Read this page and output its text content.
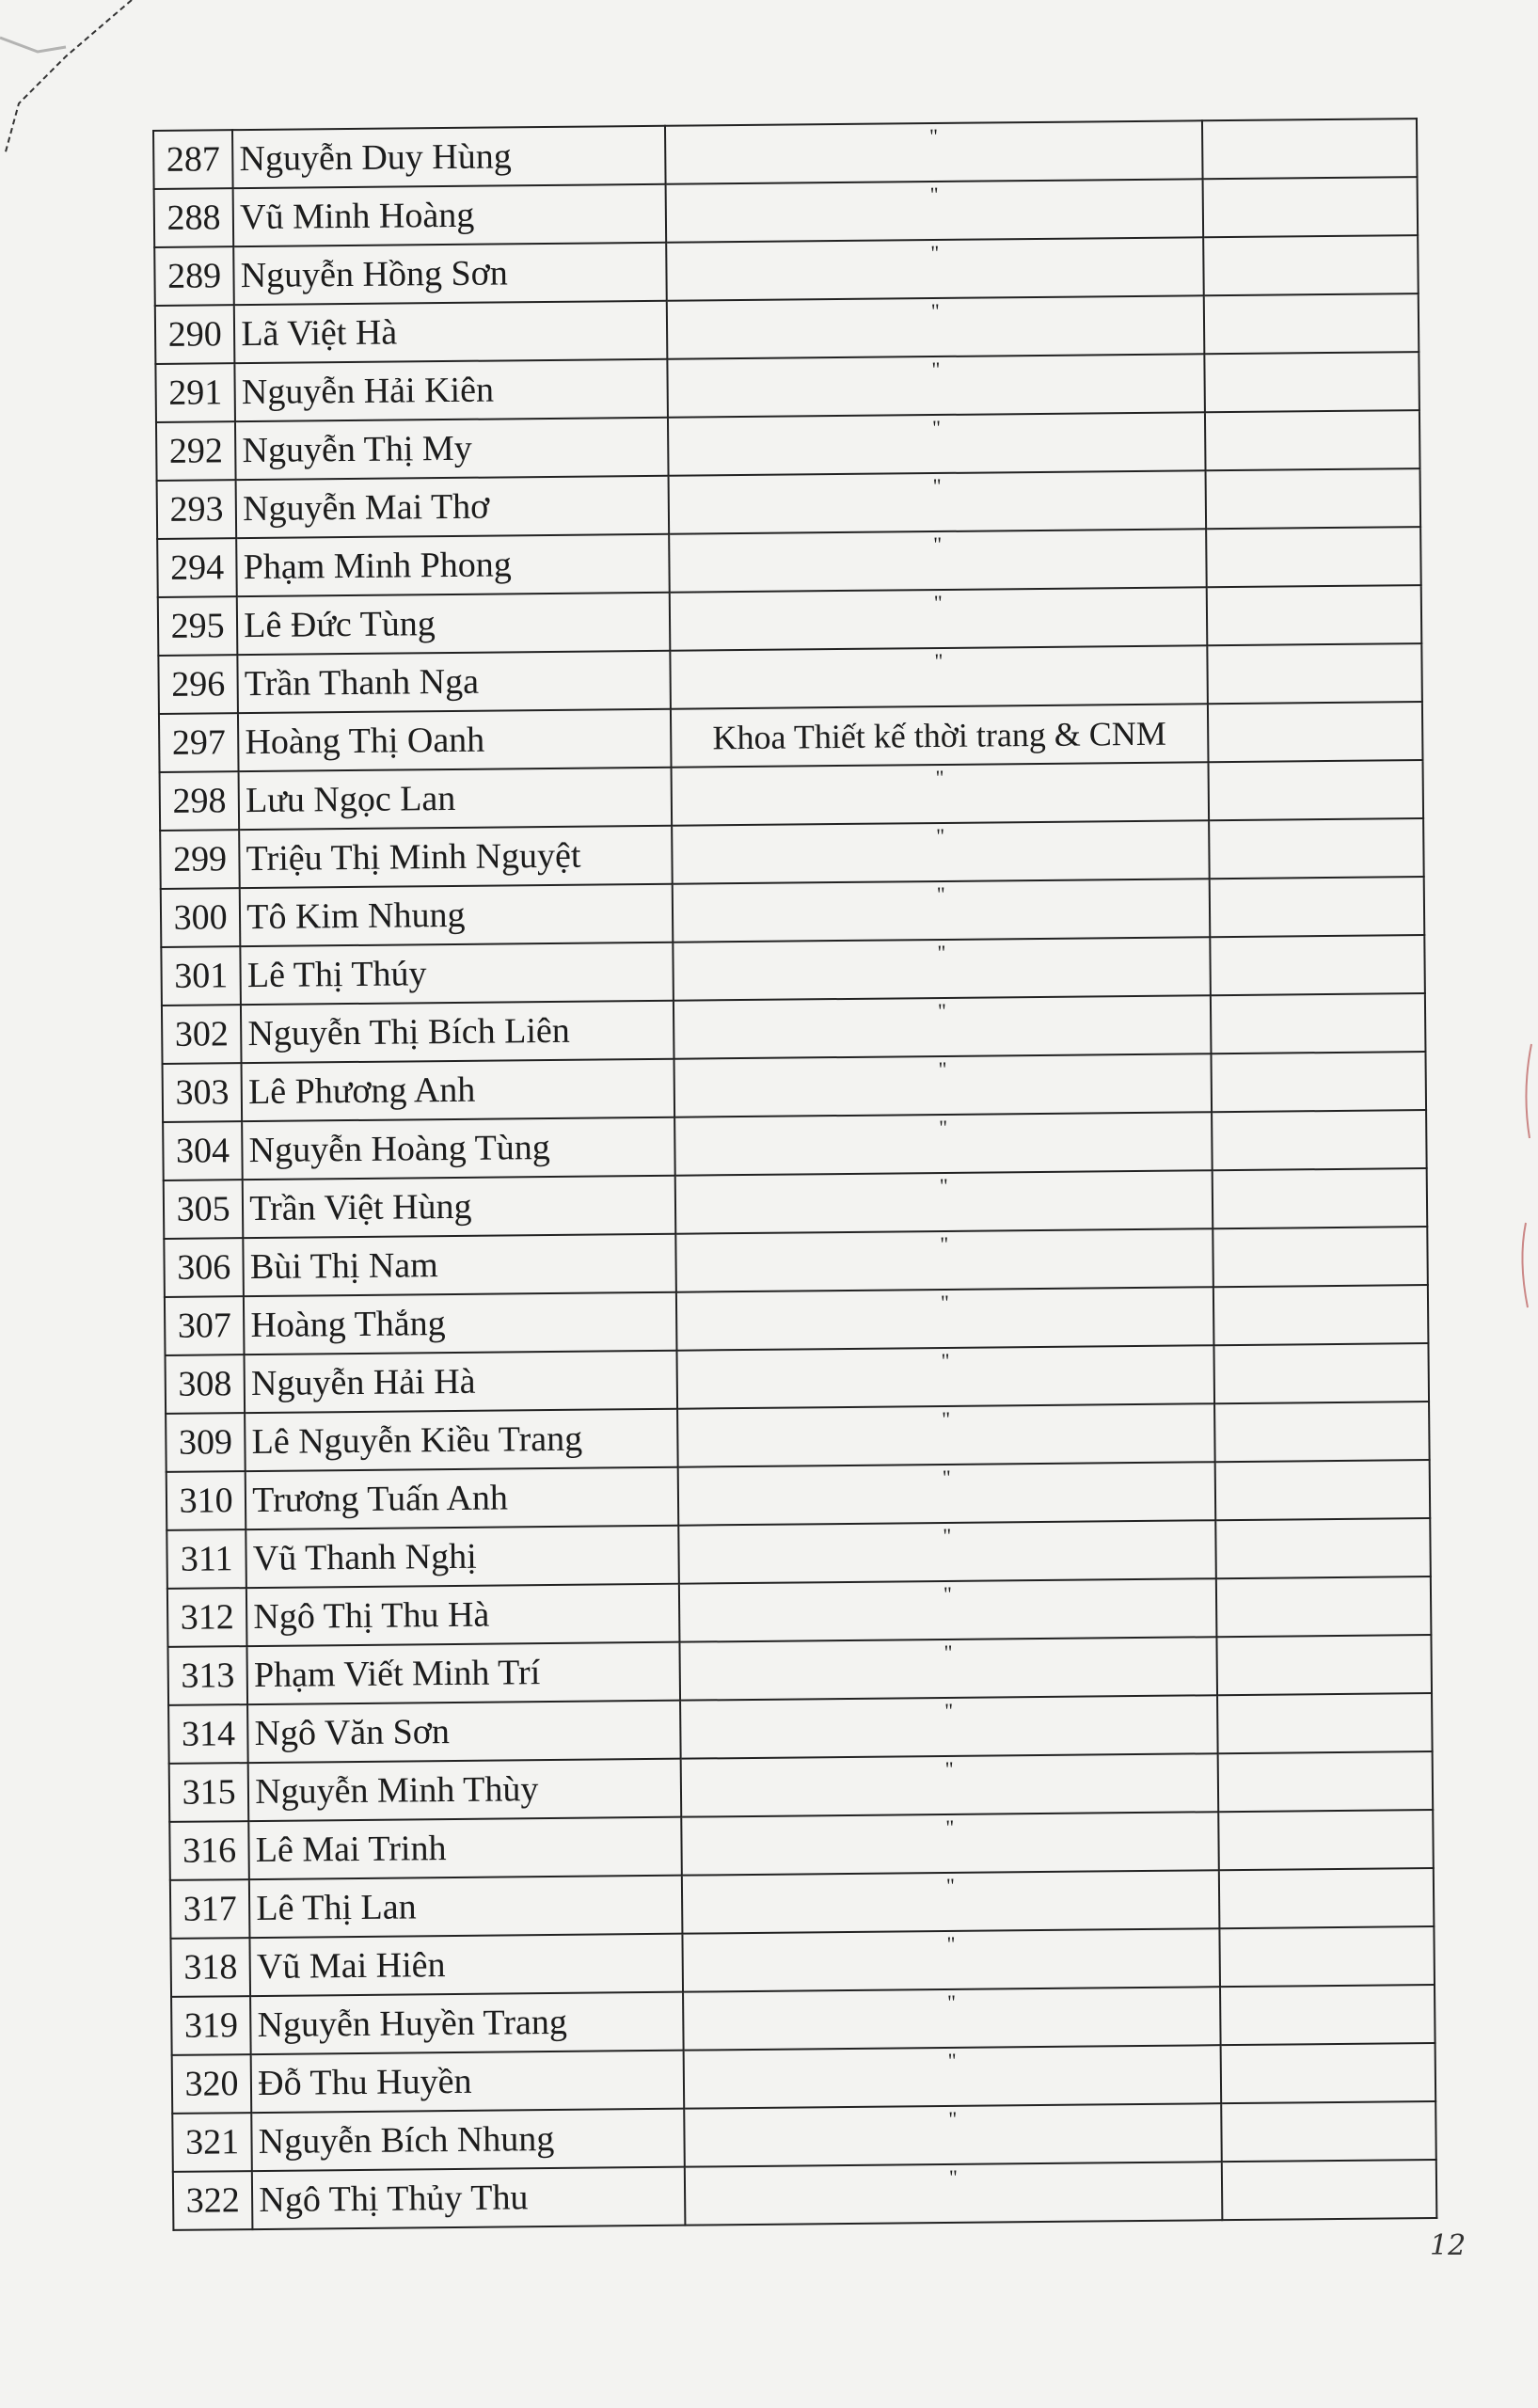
287	Nguyễn Duy Hùng	"	
288	Vũ Minh Hoàng	"	
289	Nguyễn Hồng Sơn	"	
290	Lã Việt Hà	"	
291	Nguyễn Hải Kiên	"	
292	Nguyễn Thị My	"	
293	Nguyễn Mai Thơ	"	
294	Phạm Minh Phong	"	
295	Lê Đức Tùng	"	
296	Trần Thanh Nga	"	
297	Hoàng Thị Oanh	Khoa Thiết kế thời trang & CNM	
298	Lưu Ngọc Lan	"	
299	Triệu Thị Minh Nguyệt	"	
300	Tô Kim Nhung	"	
301	Lê Thị Thúy	"	
302	Nguyễn Thị Bích Liên	"	
303	Lê Phương Anh	"	
304	Nguyễn Hoàng Tùng	"	
305	Trần Việt Hùng	"	
306	Bùi Thị Nam	"	
307	Hoàng Thắng	"	
308	Nguyễn Hải Hà	"	
309	Lê Nguyễn Kiều Trang	"	
310	Trương Tuấn Anh	"	
311	Vũ Thanh Nghị	"	
312	Ngô Thị Thu Hà	"	
313	Phạm Viết Minh Trí	"	
314	Ngô Văn Sơn	"	
315	Nguyễn Minh Thùy	"	
316	Lê Mai Trinh	"	
317	Lê Thị Lan	"	
318	Vũ Mai Hiên	"	
319	Nguyễn Huyền Trang	"	
320	Đỗ Thu Huyền	"	
321	Nguyễn Bích Nhung	"	
322	Ngô Thị Thủy Thu	"	
12
